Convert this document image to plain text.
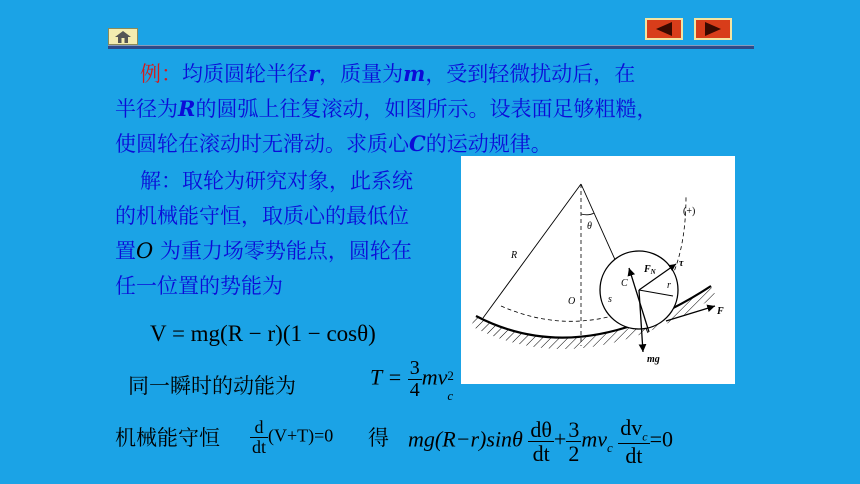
例：均质圆轮半径r，质量为m，受到轻微扰动后，在
半径为R的圆弧上往复滚动，如图所示。设表面足够粗糙，
使圆轮在滚动时无滑动。求质心C的运动规律。
解：取轮为研究对象，此系统
的机械能守恒，取质心的最低位
置O 为重力场零势能点，圆轮在
任一位置的势能为
V = mg(R − r)(1 − cosθ)
同一瞬时的动能为	$T = \frac{3}{4}$ mv 2
c
机械能守恒 $\frac{d}{dt} (V+T)=0$ 得 $mg(R-r)\sin\theta \frac{d\theta}{dt} + \frac{3}{2} mv_c \frac{dv_c}{dt} =0$
θ
(+)
R
$F_N$
τ
C	r
O	s
F
mg
